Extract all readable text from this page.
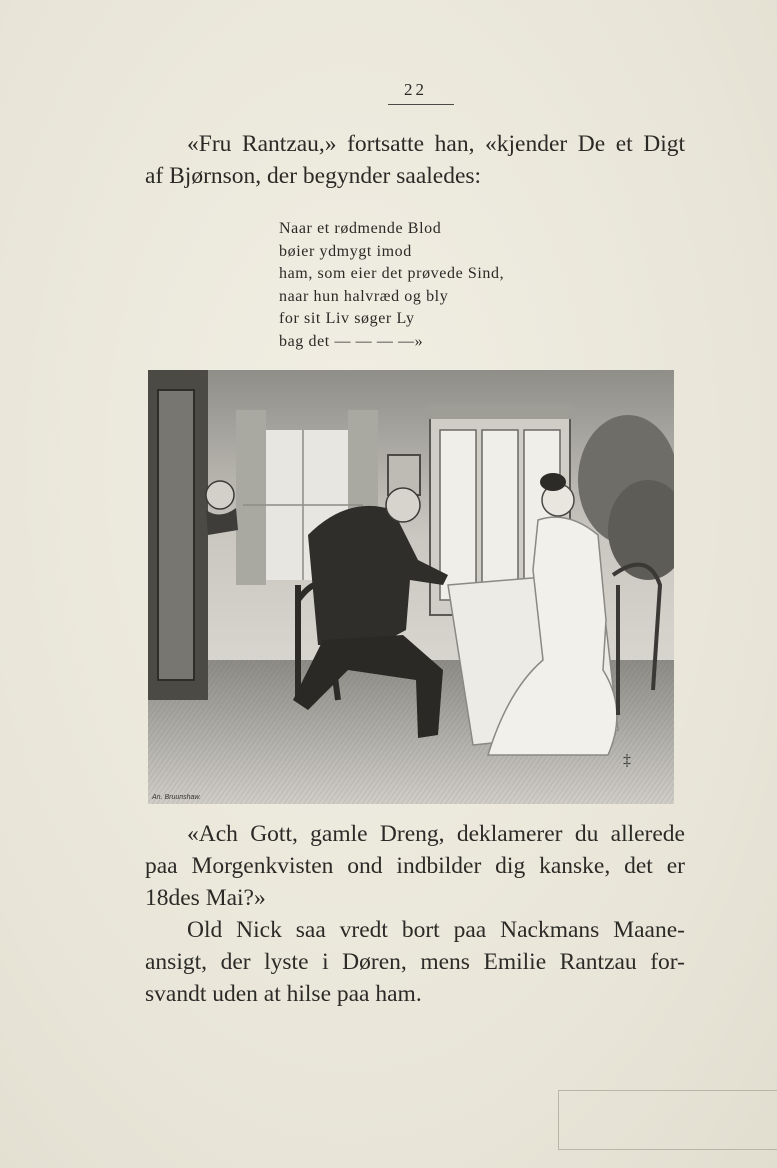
22
«Fru Rantzau,» fortsatte han, «kjender De et Digt
af Bjørnson, der begynder saaledes:
Naar et rødmende Blod
bøier ydmygt imod
ham, som eier det prøvede Sind,
naar hun halvræd og bly
for sit Liv søger Ly
bag det — — — —»
‡
An. Bruunshaw.
«Ach Gott, gamle Dreng, deklamerer du allerede
paa Morgenkvisten ond indbilder dig kanske, det er
18des Mai?»
Old Nick saa vredt bort paa Nackmans Maane-
ansigt, der lyste i Døren, mens Emilie Rantzau for-
svandt uden at hilse paa ham.
